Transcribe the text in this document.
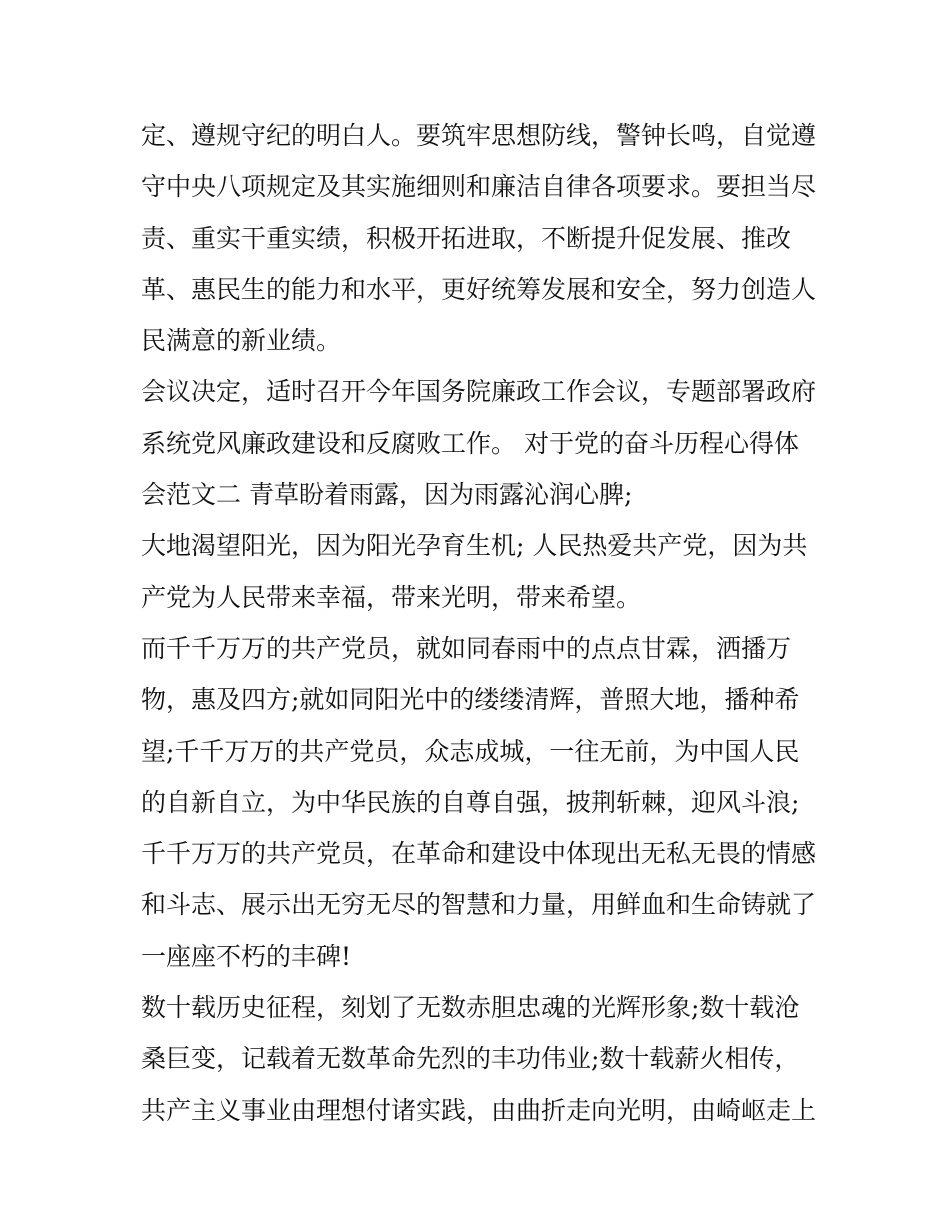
定、遵规守纪的明白人。要筑牢思想防线，警钟长鸣，自觉遵
守中央八项规定及其实施细则和廉洁自律各项要求。要担当尽
责、重实干重实绩，积极开拓进取，不断提升促发展、推改
革、惠民生的能力和水平，更好统筹发展和安全，努力创造人
民满意的新业绩。
会议决定，适时召开今年国务院廉政工作会议，专题部署政府
系统党风廉政建设和反腐败工作。 对于党的奋斗历程心得体
会范文二 青草盼着雨露，因为雨露沁润心脾;
大地渴望阳光，因为阳光孕育生机; 人民热爱共产党，因为共
产党为人民带来幸福，带来光明，带来希望。
而千千万万的共产党员，就如同春雨中的点点甘霖，洒播万
物，惠及四方;就如同阳光中的缕缕清辉，普照大地，播种希
望;千千万万的共产党员，众志成城，一往无前，为中国人民
的自新自立，为中华民族的自尊自强，披荆斩棘，迎风斗浪;
千千万万的共产党员，在革命和建设中体现出无私无畏的情感
和斗志、展示出无穷无尽的智慧和力量，用鲜血和生命铸就了
一座座不朽的丰碑!
数十载历史征程，刻划了无数赤胆忠魂的光辉形象;数十载沧
桑巨变，记载着无数革命先烈的丰功伟业;数十载薪火相传，
共产主义事业由理想付诸实践，由曲折走向光明，由崎岖走上
